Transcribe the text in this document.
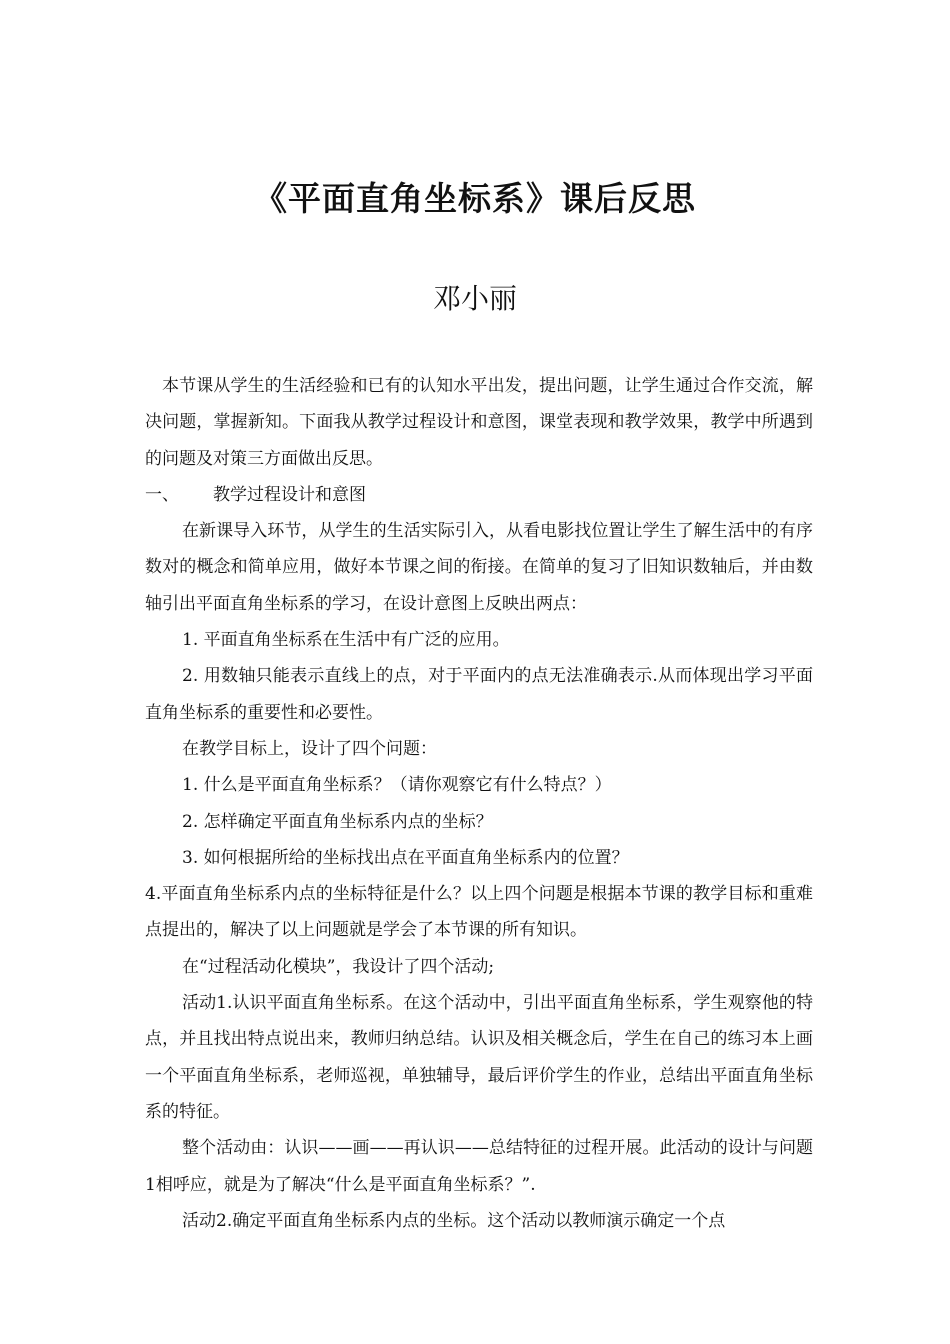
《平面直角坐标系》课后反思
邓小丽

本节课从学生的生活经验和已有的认知水平出发，提出问题，让学生通过合作交流，解决问题，掌握新知。下面我从教学过程设计和意图，课堂表现和教学效果，教学中所遇到的问题及对策三方面做出反思。

一、 教学过程设计和意图

在新课导入环节，从学生的生活实际引入，从看电影找位置让学生了解生活中的有序数对的概念和简单应用，做好本节课之间的衔接。在简单的复习了旧知识数轴后，并由数轴引出平面直角坐标系的学习，在设计意图上反映出两点：

1. 平面直角坐标系在生活中有广泛的应用。

2. 用数轴只能表示直线上的点，对于平面内的点无法准确表示.从而体现出学习平面直角坐标系的重要性和必要性。

在教学目标上，设计了四个问题：

1. 什么是平面直角坐标系？（请你观察它有什么特点？）

2. 怎样确定平面直角坐标系内点的坐标？

3. 如何根据所给的坐标找出点在平面直角坐标系内的位置？

4.平面直角坐标系内点的坐标特征是什么？以上四个问题是根据本节课的教学目标和重难点提出的，解决了以上问题就是学会了本节课的所有知识。

在“过程活动化模块”，我设计了四个活动;

活动1.认识平面直角坐标系。在这个活动中，引出平面直角坐标系，学生观察他的特点，并且找出特点说出来，教师归纳总结。认识及相关概念后，学生在自己的练习本上画一个平面直角坐标系，老师巡视，单独辅导，最后评价学生的作业，总结出平面直角坐标系的特征。

整个活动由：认识——画——再认识——总结特征的过程开展。此活动的设计与问题1相呼应，就是为了解决“什么是平面直角坐标系？”.

活动2.确定平面直角坐标系内点的坐标。这个活动以教师演示确定一个点
